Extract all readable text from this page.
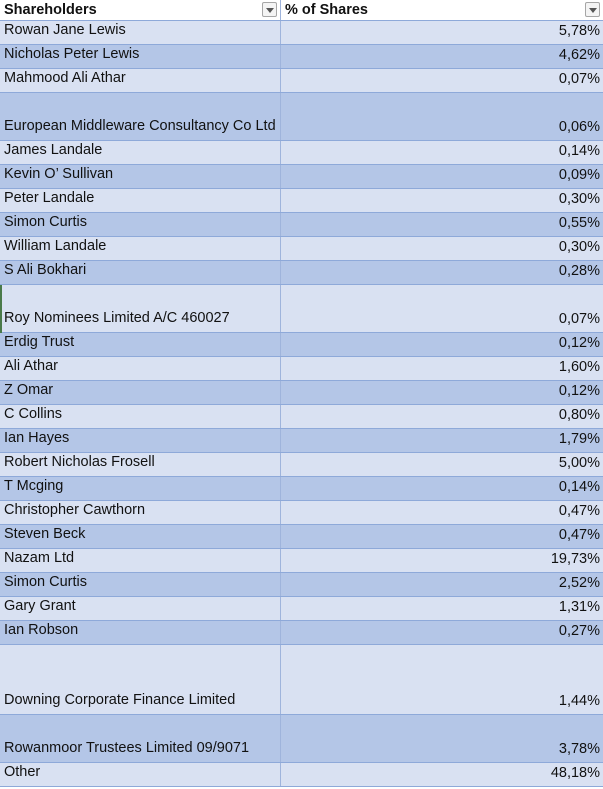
Shareholders	% of Shares
Rowan Jane Lewis	5,78%
Nicholas Peter Lewis	4,62%
Mahmood Ali Athar	0,07%
European Middleware Consultancy Co Ltd	0,06%
James Landale	0,14%
Kevin O’ Sullivan	0,09%
Peter Landale	0,30%
Simon Curtis	0,55%
William Landale	0,30%
S Ali Bokhari	0,28%
Roy Nominees Limited A/C 460027	0,07%
Erdig Trust	0,12%
Ali Athar	1,60%
Z Omar	0,12%
C Collins	0,80%
Ian Hayes	1,79%
Robert Nicholas Frosell	5,00%
T Mcging	0,14%
Christopher Cawthorn	0,47%
Steven Beck	0,47%
Nazam Ltd	19,73%
Simon Curtis	2,52%
Gary Grant	1,31%
Ian Robson	0,27%
Downing Corporate Finance Limited	1,44%
Rowanmoor Trustees Limited 09/9071	3,78%
Other	48,18%
